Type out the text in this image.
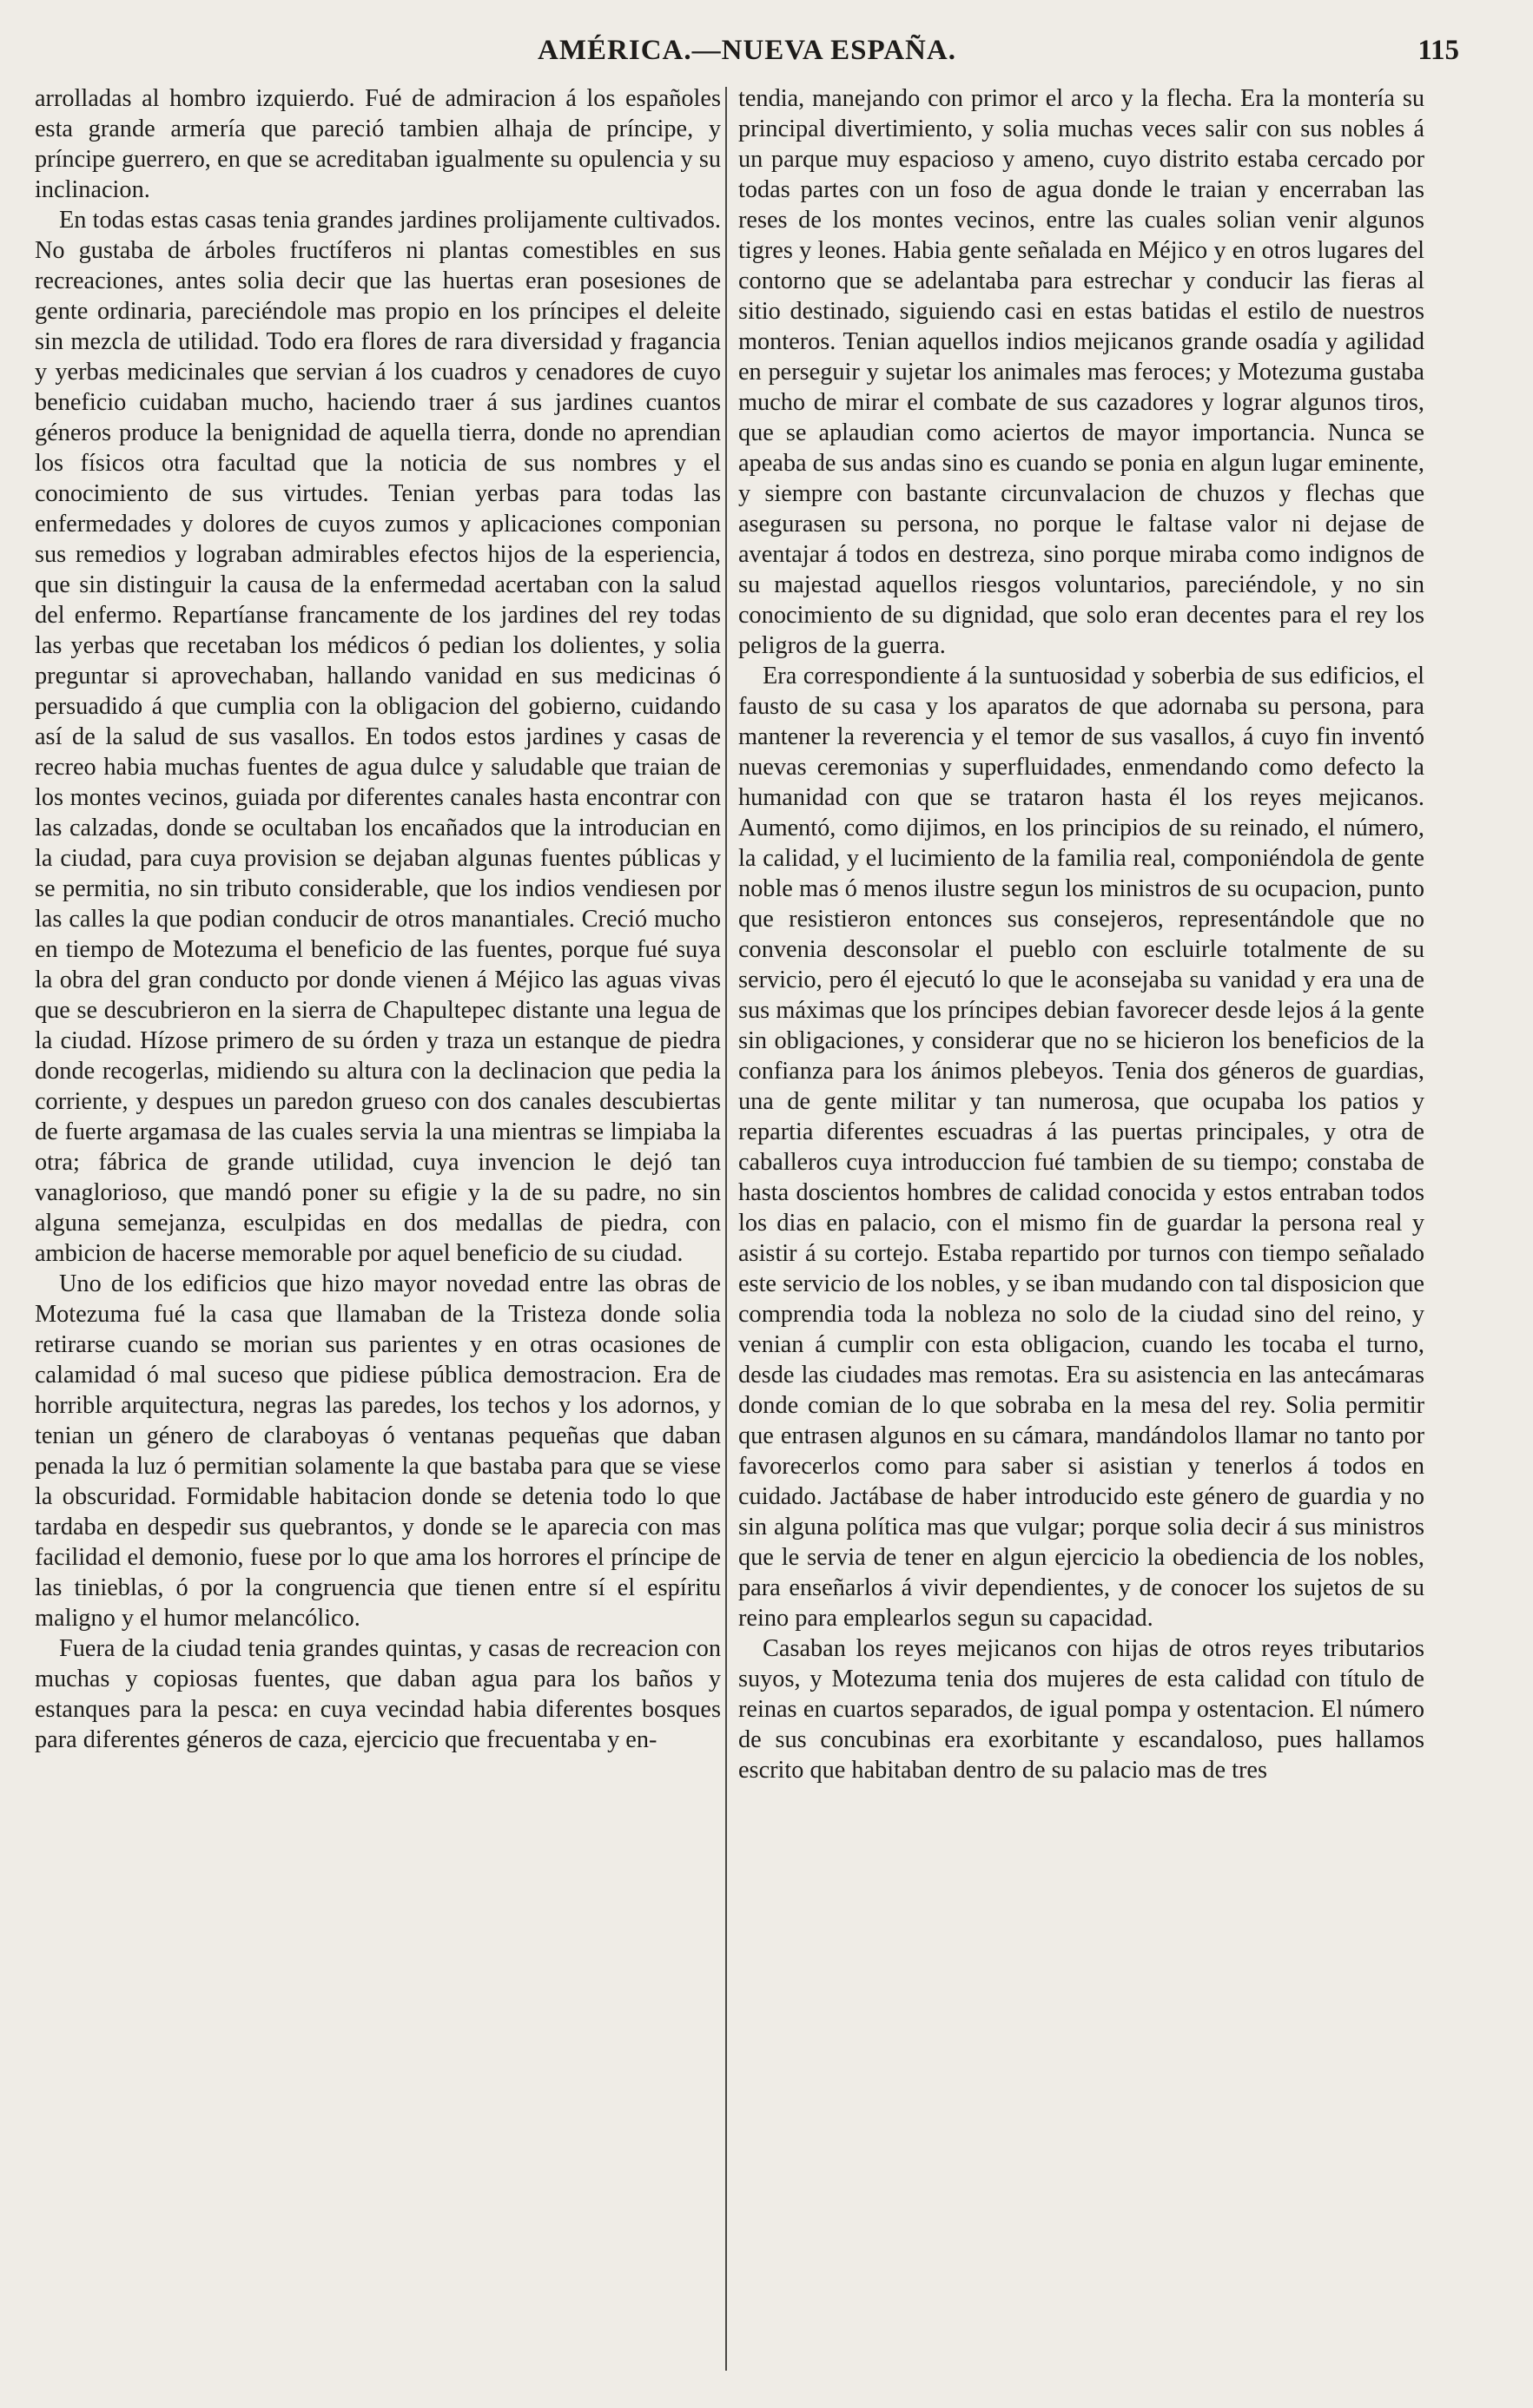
AMÉRICA.—NUEVA ESPAÑA.	115

arrolladas al hombro izquierdo. Fué de admiracion á los españoles esta grande armería que pareció tambien alhaja de príncipe, y príncipe guerrero, en que se acreditaban igualmente su opulencia y su inclinacion.

En todas estas casas tenia grandes jardines prolijamente cultivados. No gustaba de árboles fructíferos ni plantas comestibles en sus recreaciones, antes solia decir que las huertas eran posesiones de gente ordinaria, pareciéndole mas propio en los príncipes el deleite sin mezcla de utilidad. Todo era flores de rara diversidad y fragancia y yerbas medicinales que servian á los cuadros y cenadores de cuyo beneficio cuidaban mucho, haciendo traer á sus jardines cuantos géneros produce la benignidad de aquella tierra, donde no aprendian los físicos otra facultad que la noticia de sus nombres y el conocimiento de sus virtudes. Tenian yerbas para todas las enfermedades y dolores de cuyos zumos y aplicaciones componian sus remedios y lograban admirables efectos hijos de la esperiencia, que sin distinguir la causa de la enfermedad acertaban con la salud del enfermo. Repartíanse francamente de los jardines del rey todas las yerbas que recetaban los médicos ó pedian los dolientes, y solia preguntar si aprovechaban, hallando vanidad en sus medicinas ó persuadido á que cumplia con la obligacion del gobierno, cuidando así de la salud de sus vasallos. En todos estos jardines y casas de recreo habia muchas fuentes de agua dulce y saludable que traian de los montes vecinos, guiada por diferentes canales hasta encontrar con las calzadas, donde se ocultaban los encañados que la introducian en la ciudad, para cuya provision se dejaban algunas fuentes públicas y se permitia, no sin tributo considerable, que los indios vendiesen por las calles la que podian conducir de otros manantiales. Creció mucho en tiempo de Motezuma el beneficio de las fuentes, porque fué suya la obra del gran conducto por donde vienen á Méjico las aguas vivas que se descubrieron en la sierra de Chapultepec distante una legua de la ciudad. Hízose primero de su órden y traza un estanque de piedra donde recogerlas, midiendo su altura con la declinacion que pedia la corriente, y despues un paredon grueso con dos canales descubiertas de fuerte argamasa de las cuales servia la una mientras se limpiaba la otra; fábrica de grande utilidad, cuya invencion le dejó tan vanaglorioso, que mandó poner su efigie y la de su padre, no sin alguna semejanza, esculpidas en dos medallas de piedra, con ambicion de hacerse memorable por aquel beneficio de su ciudad.

Uno de los edificios que hizo mayor novedad entre las obras de Motezuma fué la casa que llamaban de la Tristeza donde solia retirarse cuando se morian sus parientes y en otras ocasiones de calamidad ó mal suceso que pidiese pública demostracion. Era de horrible arquitectura, negras las paredes, los techos y los adornos, y tenian un género de claraboyas ó ventanas pequeñas que daban penada la luz ó permitian solamente la que bastaba para que se viese la obscuridad. Formidable habitacion donde se detenia todo lo que tardaba en despedir sus quebrantos, y donde se le aparecia con mas facilidad el demonio, fuese por lo que ama los horrores el príncipe de las tinieblas, ó por la congruencia que tienen entre sí el espíritu maligno y el humor melancólico.

Fuera de la ciudad tenia grandes quintas, y casas de recreacion con muchas y copiosas fuentes, que daban agua para los baños y estanques para la pesca: en cuya vecindad habia diferentes bosques para diferentes géneros de caza, ejercicio que frecuentaba y en-

tendia, manejando con primor el arco y la flecha. Era la montería su principal divertimiento, y solia muchas veces salir con sus nobles á un parque muy espacioso y ameno, cuyo distrito estaba cercado por todas partes con un foso de agua donde le traian y encerraban las reses de los montes vecinos, entre las cuales solian venir algunos tigres y leones. Habia gente señalada en Méjico y en otros lugares del contorno que se adelantaba para estrechar y conducir las fieras al sitio destinado, siguiendo casi en estas batidas el estilo de nuestros monteros. Tenian aquellos indios mejicanos grande osadía y agilidad en perseguir y sujetar los animales mas feroces; y Motezuma gustaba mucho de mirar el combate de sus cazadores y lograr algunos tiros, que se aplaudian como aciertos de mayor importancia. Nunca se apeaba de sus andas sino es cuando se ponia en algun lugar eminente, y siempre con bastante circunvalacion de chuzos y flechas que asegurasen su persona, no porque le faltase valor ni dejase de aventajar á todos en destreza, sino porque miraba como indignos de su majestad aquellos riesgos voluntarios, pareciéndole, y no sin conocimiento de su dignidad, que solo eran decentes para el rey los peligros de la guerra.

Era correspondiente á la suntuosidad y soberbia de sus edificios, el fausto de su casa y los aparatos de que adornaba su persona, para mantener la reverencia y el temor de sus vasallos, á cuyo fin inventó nuevas ceremonias y superfluidades, enmendando como defecto la humanidad con que se trataron hasta él los reyes mejicanos. Aumentó, como dijimos, en los principios de su reinado, el número, la calidad, y el lucimiento de la familia real, componiéndola de gente noble mas ó menos ilustre segun los ministros de su ocupacion, punto que resistieron entonces sus consejeros, representándole que no convenia desconsolar el pueblo con escluirle totalmente de su servicio, pero él ejecutó lo que le aconsejaba su vanidad y era una de sus máximas que los príncipes debian favorecer desde lejos á la gente sin obligaciones, y considerar que no se hicieron los beneficios de la confianza para los ánimos plebeyos. Tenia dos géneros de guardias, una de gente militar y tan numerosa, que ocupaba los patios y repartia diferentes escuadras á las puertas principales, y otra de caballeros cuya introduccion fué tambien de su tiempo; constaba de hasta doscientos hombres de calidad conocida y estos entraban todos los dias en palacio, con el mismo fin de guardar la persona real y asistir á su cortejo. Estaba repartido por turnos con tiempo señalado este servicio de los nobles, y se iban mudando con tal disposicion que comprendia toda la nobleza no solo de la ciudad sino del reino, y venian á cumplir con esta obligacion, cuando les tocaba el turno, desde las ciudades mas remotas. Era su asistencia en las antecámaras donde comian de lo que sobraba en la mesa del rey. Solia permitir que entrasen algunos en su cámara, mandándolos llamar no tanto por favorecerlos como para saber si asistian y tenerlos á todos en cuidado. Jactábase de haber introducido este género de guardia y no sin alguna política mas que vulgar; porque solia decir á sus ministros que le servia de tener en algun ejercicio la obediencia de los nobles, para enseñarlos á vivir dependientes, y de conocer los sujetos de su reino para emplearlos segun su capacidad.

Casaban los reyes mejicanos con hijas de otros reyes tributarios suyos, y Motezuma tenia dos mujeres de esta calidad con título de reinas en cuartos separados, de igual pompa y ostentacion. El número de sus concubinas era exorbitante y escandaloso, pues hallamos escrito que habitaban dentro de su palacio mas de tres
